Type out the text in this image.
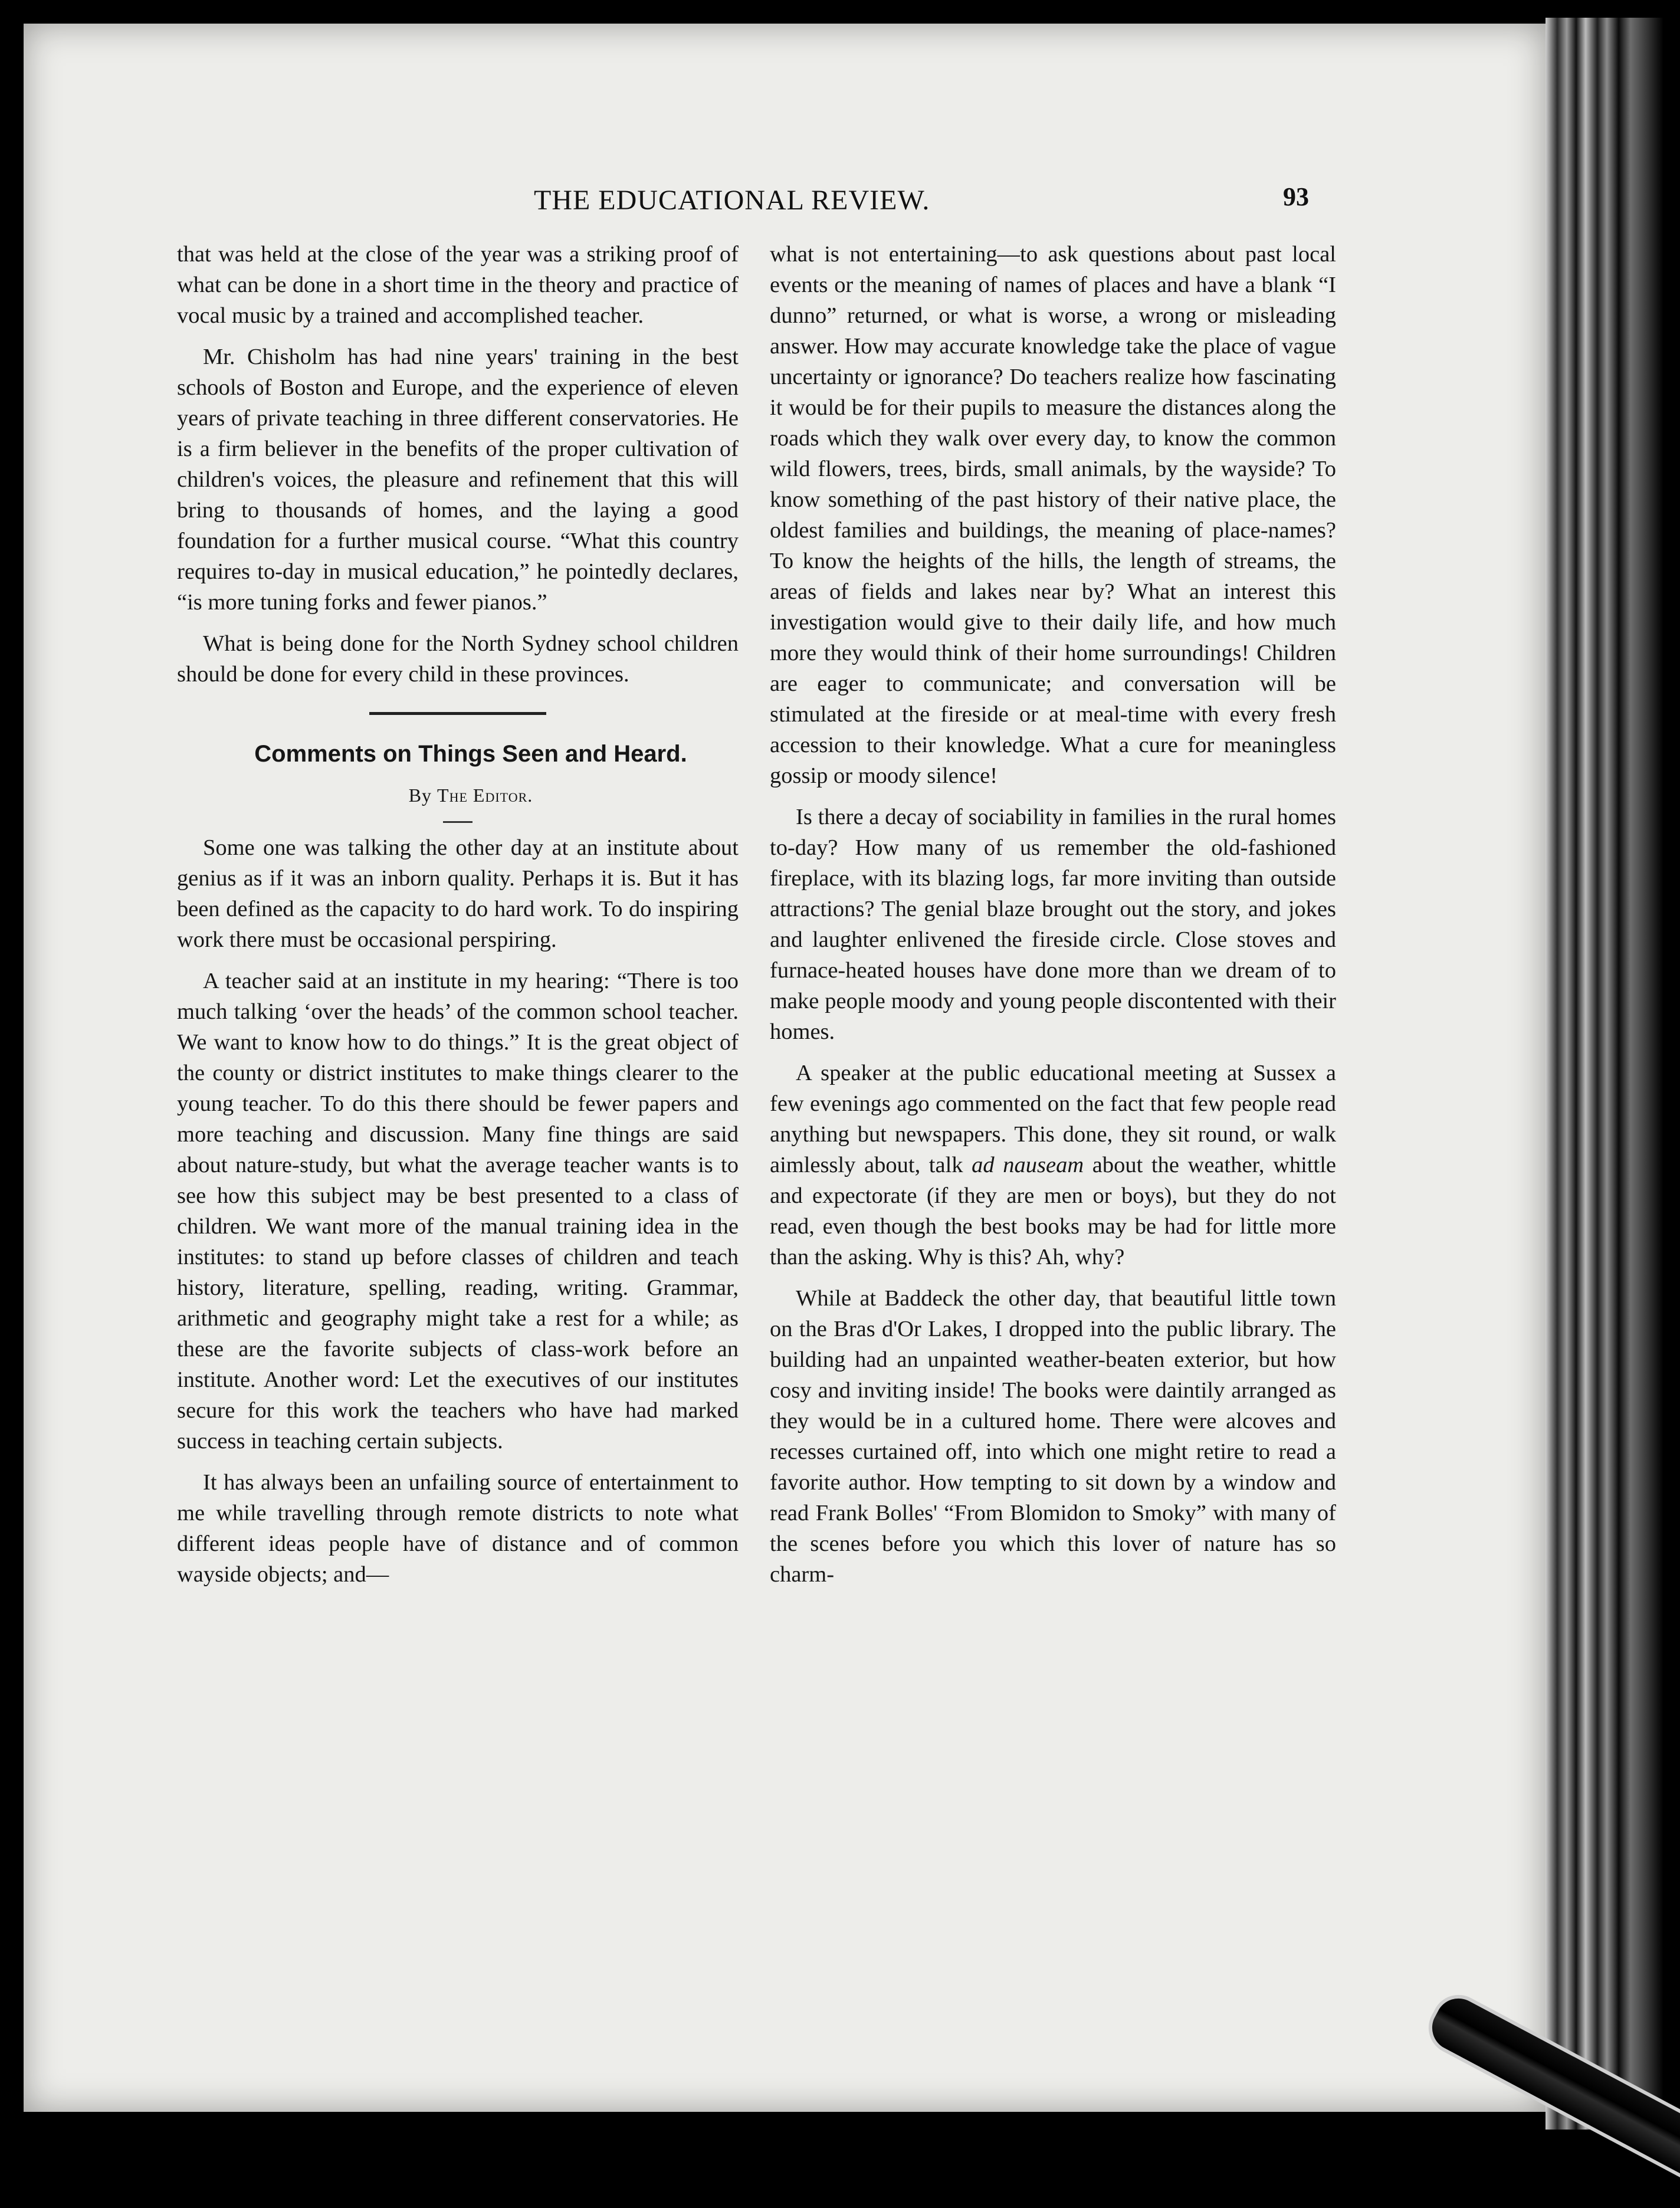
THE EDUCATIONAL REVIEW.	93

that was held at the close of the year was a striking proof of what can be done in a short time in the theory and practice of vocal music by a trained and accomplished teacher.

Mr. Chisholm has had nine years' training in the best schools of Boston and Europe, and the experience of eleven years of private teaching in three different conservatories. He is a firm believer in the benefits of the proper cultivation of children's voices, the pleasure and refinement that this will bring to thousands of homes, and the laying a good foundation for a further musical course. “What this country requires to-day in musical education,” he pointedly declares, “is more tuning forks and fewer pianos.”

What is being done for the North Sydney school children should be done for every child in these provinces.

Comments on Things Seen and Heard.

By The Editor.

Some one was talking the other day at an institute about genius as if it was an inborn quality. Perhaps it is. But it has been defined as the capacity to do hard work. To do inspiring work there must be occasional perspiring.

A teacher said at an institute in my hearing: “There is too much talking ‘over the heads’ of the common school teacher. We want to know how to do things.” It is the great object of the county or district institutes to make things clearer to the young teacher. To do this there should be fewer papers and more teaching and discussion. Many fine things are said about nature-study, but what the average teacher wants is to see how this subject may be best presented to a class of children. We want more of the manual training idea in the institutes: to stand up before classes of children and teach history, literature, spelling, reading, writing. Grammar, arithmetic and geography might take a rest for a while; as these are the favorite subjects of class-work before an institute. Another word: Let the executives of our institutes secure for this work the teachers who have had marked success in teaching certain subjects.

It has always been an unfailing source of entertainment to me while travelling through remote districts to note what different ideas people have of distance and of common wayside objects; and—

what is not entertaining—to ask questions about past local events or the meaning of names of places and have a blank “I dunno” returned, or what is worse, a wrong or misleading answer. How may accurate knowledge take the place of vague uncertainty or ignorance? Do teachers realize how fascinating it would be for their pupils to measure the distances along the roads which they walk over every day, to know the common wild flowers, trees, birds, small animals, by the wayside? To know something of the past history of their native place, the oldest families and buildings, the meaning of place-names? To know the heights of the hills, the length of streams, the areas of fields and lakes near by? What an interest this investigation would give to their daily life, and how much more they would think of their home surroundings! Children are eager to communicate; and conversation will be stimulated at the fireside or at meal-time with every fresh accession to their knowledge. What a cure for meaningless gossip or moody silence!

Is there a decay of sociability in families in the rural homes to-day? How many of us remember the old-fashioned fireplace, with its blazing logs, far more inviting than outside attractions? The genial blaze brought out the story, and jokes and laughter enlivened the fireside circle. Close stoves and furnace-heated houses have done more than we dream of to make people moody and young people discontented with their homes.

A speaker at the public educational meeting at Sussex a few evenings ago commented on the fact that few people read anything but newspapers. This done, they sit round, or walk aimlessly about, talk ad nauseam about the weather, whittle and expectorate (if they are men or boys), but they do not read, even though the best books may be had for little more than the asking. Why is this? Ah, why?

While at Baddeck the other day, that beautiful little town on the Bras d'Or Lakes, I dropped into the public library. The building had an unpainted weather-beaten exterior, but how cosy and inviting inside! The books were daintily arranged as they would be in a cultured home. There were alcoves and recesses curtained off, into which one might retire to read a favorite author. How tempting to sit down by a window and read Frank Bolles' “From Blomidon to Smoky” with many of the scenes before you which this lover of nature has so charm-
